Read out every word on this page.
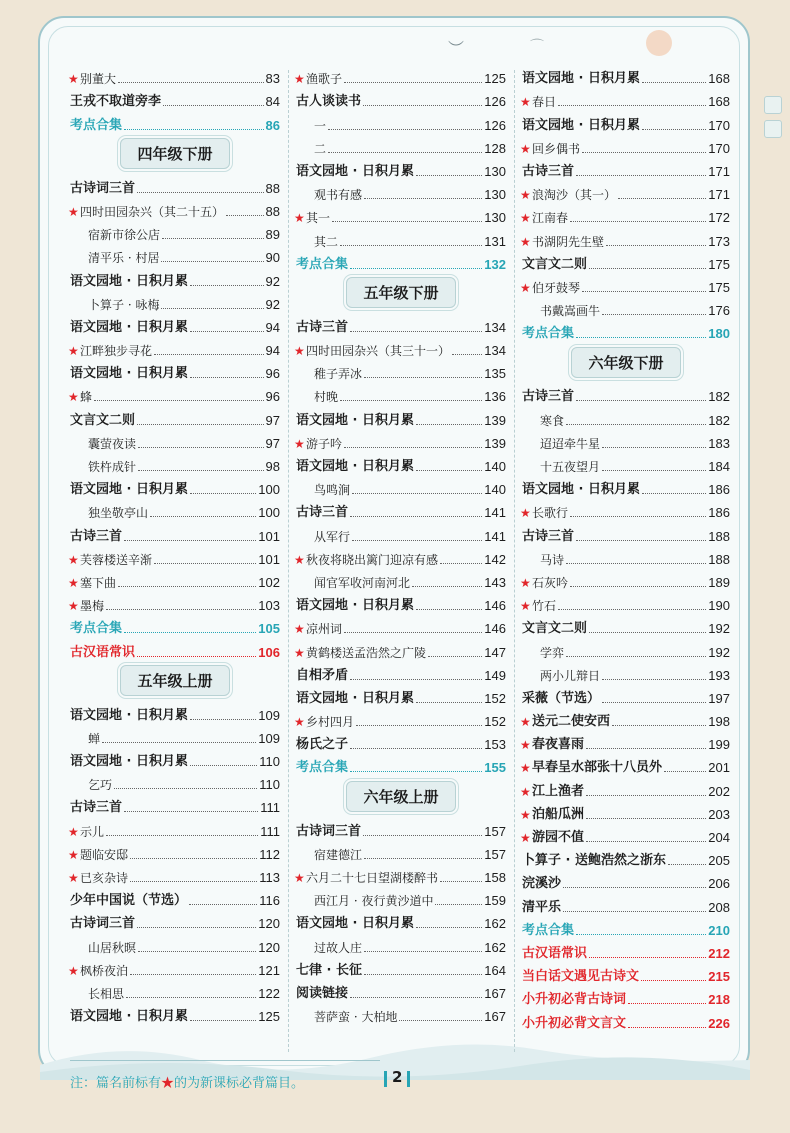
︶	⌒
★ 别董大	83
王戎不取道旁李	84
考点合集	86
四年级下册
古诗词三首	88
★ 四时田园杂兴（其二十五）	88
宿新市徐公店	89
清平乐 · 村居	90
语文园地 · 日积月累	92
卜算子 · 咏梅	92
语文园地 · 日积月累	94
★ 江畔独步寻花	94
语文园地 · 日积月累	96
★ 蜂	96
文言文二则	97
囊萤夜读	97
铁杵成针	98
语文园地 · 日积月累	100
独坐敬亭山	100
古诗三首	101
★ 芙蓉楼送辛渐	101
★ 塞下曲	102
★ 墨梅	103
考点合集	105
古汉语常识	106
五年级上册
语文园地 · 日积月累	109
蝉	109
语文园地 · 日积月累	110
乞巧	110
古诗三首	111
★ 示儿	111
★ 题临安邸	112
★ 已亥杂诗	113
少年中国说（节选）	116
古诗词三首	120
山居秋暝	120
★ 枫桥夜泊	121
长相思	122
语文园地 · 日积月累	125
★ 渔歌子	125
古人谈读书	126
一	126
二	128
语文园地 · 日积月累	130
观书有感	130
★ 其一	130
其二	131
考点合集	132
五年级下册
古诗三首	134
★ 四时田园杂兴（其三十一）	134
稚子弄冰	135
村晚	136
语文园地 · 日积月累	139
★ 游子吟	139
语文园地 · 日积月累	140
鸟鸣涧	140
古诗三首	141
从军行	141
★ 秋夜将晓出篱门迎凉有感	142
闻官军收河南河北	143
语文园地 · 日积月累	146
★ 凉州词	146
★ 黄鹤楼送孟浩然之广陵	147
自相矛盾	149
语文园地 · 日积月累	152
★ 乡村四月	152
杨氏之子	153
考点合集	155
六年级上册
古诗词三首	157
宿建德江	157
★ 六月二十七日望湖楼醉书	158
西江月 · 夜行黄沙道中	159
语文园地 · 日积月累	162
过故人庄	162
七律 · 长征	164
阅读链接	167
菩萨蛮 · 大柏地	167
语文园地 · 日积月累	168
★ 春日	168
语文园地 · 日积月累	170
★ 回乡偶书	170
古诗三首	171
★ 浪淘沙（其一）	171
★ 江南春	172
★ 书湖阴先生壁	173
文言文二则	175
★ 伯牙鼓琴	175
书戴嵩画牛	176
考点合集	180
六年级下册
古诗三首	182
寒食	182
迢迢牵牛星	183
十五夜望月	184
语文园地 · 日积月累	186
★ 长歌行	186
古诗三首	188
马诗	188
★ 石灰吟	189
★ 竹石	190
文言文二则	192
学弈	192
两小儿辩日	193
采薇（节选）	197
★ 送元二使安西	198
★ 春夜喜雨	199
★ 早春呈水部张十八员外	201
★ 江上渔者	202
★ 泊船瓜洲	203
★ 游园不值	204
卜算子 · 送鲍浩然之浙东	205
浣溪沙	206
清平乐	208
考点合集	210
古汉语常识	212
当白话文遇见古诗文	215
小升初必背古诗词	218
小升初必背文言文	226
注：篇名前标有★的为新课标必背篇目。	2
